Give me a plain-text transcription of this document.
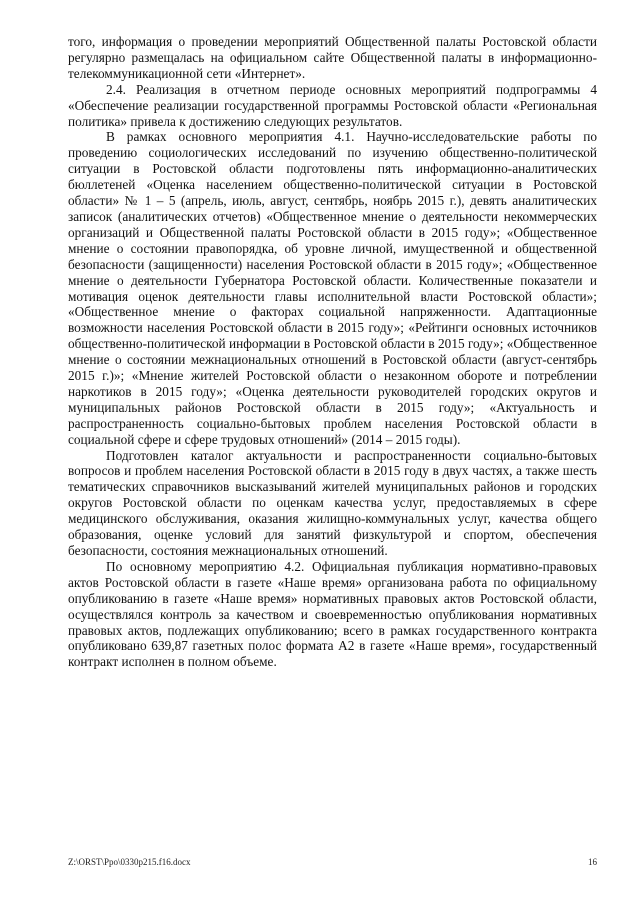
того, информация о проведении мероприятий Общественной палаты Ростовской области регулярно размещалась на официальном сайте Общественной палаты в информационно-телекоммуникационной сети «Интернет».

2.4. Реализация в отчетном периоде основных мероприятий подпрограммы 4 «Обеспечение реализации государственной программы Ростовской области «Региональная политика» привела к достижению следующих результатов.

В рамках основного мероприятия 4.1. Научно-исследовательские работы по проведению социологических исследований по изучению общественно-политической ситуации в Ростовской области подготовлены пять информационно-аналитических бюллетеней «Оценка населением общественно-политической ситуации в Ростовской области» № 1 – 5 (апрель, июль, август, сентябрь, ноябрь 2015 г.), девять аналитических записок (аналитических отчетов) «Общественное мнение о деятельности некоммерческих организаций и Общественной палаты Ростовской области в 2015 году»; «Общественное мнение о состоянии правопорядка, об уровне личной, имущественной и общественной безопасности (защищенности) населения Ростовской области в 2015 году»; «Общественное мнение о деятельности Губернатора Ростовской области. Количественные показатели и мотивация оценок деятельности главы исполнительной власти Ростовской области»; «Общественное мнение о факторах социальной напряженности. Адаптационные возможности населения Ростовской области в 2015 году»; «Рейтинги основных источников общественно-политической информации в Ростовской области в 2015 году»; «Общественное мнение о состоянии межнациональных отношений в Ростовской области (август-сентябрь 2015 г.)»; «Мнение жителей Ростовской области о незаконном обороте и потреблении наркотиков в 2015 году»; «Оценка деятельности руководителей городских округов и муниципальных районов Ростовской области в 2015 году»; «Актуальность и распространенность социально-бытовых проблем населения Ростовской области в социальной сфере и сфере трудовых отношений» (2014 – 2015 годы).

Подготовлен каталог актуальности и распространенности социально-бытовых вопросов и проблем населения Ростовской области в 2015 году в двух частях, а также шесть тематических справочников высказываний жителей муниципальных районов и городских округов Ростовской области по оценкам качества услуг, предоставляемых в сфере медицинского обслуживания, оказания жилищно-коммунальных услуг, качества общего образования, оценке условий для занятий физкультурой и спортом, обеспечения безопасности, состояния межнациональных отношений.

По основному мероприятию 4.2. Официальная публикация нормативно-правовых актов Ростовской области в газете «Наше время» организована работа по официальному опубликованию в газете «Наше время» нормативных правовых актов Ростовской области, осуществлялся контроль за качеством и своевременностью опубликования нормативных правовых актов, подлежащих опубликованию; всего в рамках государственного контракта опубликовано 639,87 газетных полос формата А2 в газете «Наше время», государственный контракт исполнен в полном объеме.

Z:\ORST\Ppo\0330p215.f16.docx	16
